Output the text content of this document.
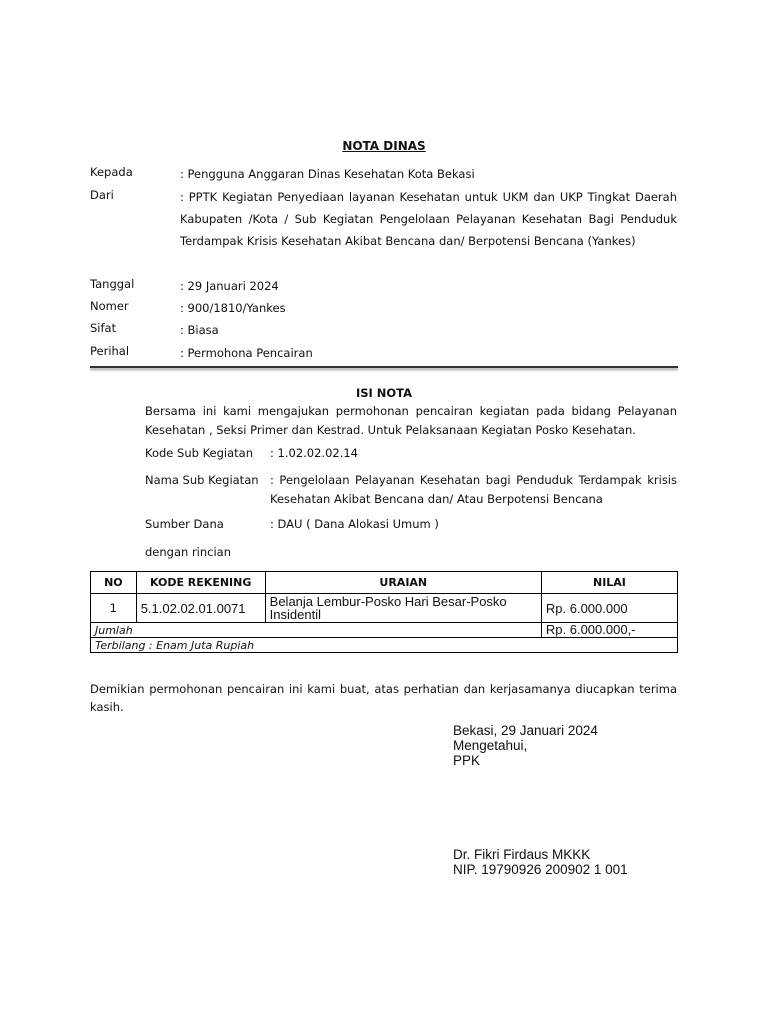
NOTA DINAS
Kepada	: Pengguna Anggaran Dinas Kesehatan Kota Bekasi
Dari	: PPTK Kegiatan Penyediaan layanan Kesehatan untuk UKM dan UKP Tingkat Daerah Kabupaten /Kota / Sub Kegiatan Pengelolaan Pelayanan Kesehatan Bagi Penduduk Terdampak Krisis Kesehatan Akibat Bencana dan/ Berpotensi Bencana (Yankes)
Tanggal	: 29 Januari 2024
Nomer	: 900/1810/Yankes
Sifat	: Biasa
Perihal	: Permohona Pencairan
ISI NOTA
Bersama ini kami mengajukan permohonan pencairan kegiatan pada bidang Pelayanan Kesehatan , Seksi Primer dan Kestrad. Untuk Pelaksanaan Kegiatan Posko Kesehatan.
Kode Sub Kegiatan : 1.02.02.02.14
Nama Sub Kegiatan : Pengelolaan Pelayanan Kesehatan bagi Penduduk Terdampak krisis Kesehatan Akibat Bencana dan/ Atau Berpotensi Bencana
Sumber Dana	: DAU ( Dana Alokasi Umum )
dengan rincian
NO	KODE REKENING	URAIAN	NILAI
1	5.1.02.02.01.0071	Belanja Lembur-Posko Hari Besar-Posko Insidentil	Rp. 6.000.000
Jumlah			Rp. 6.000.000,-
Terbilang : Enam Juta Rupiah			
Demikian permohonan pencairan ini kami buat, atas perhatian dan kerjasamanya diucapkan terima kasih.
Bekasi, 29 Januari 2024
Mengetahui,
PPK
Dr. Fikri Firdaus MKKK
NIP. 19790926 200902 1 001
